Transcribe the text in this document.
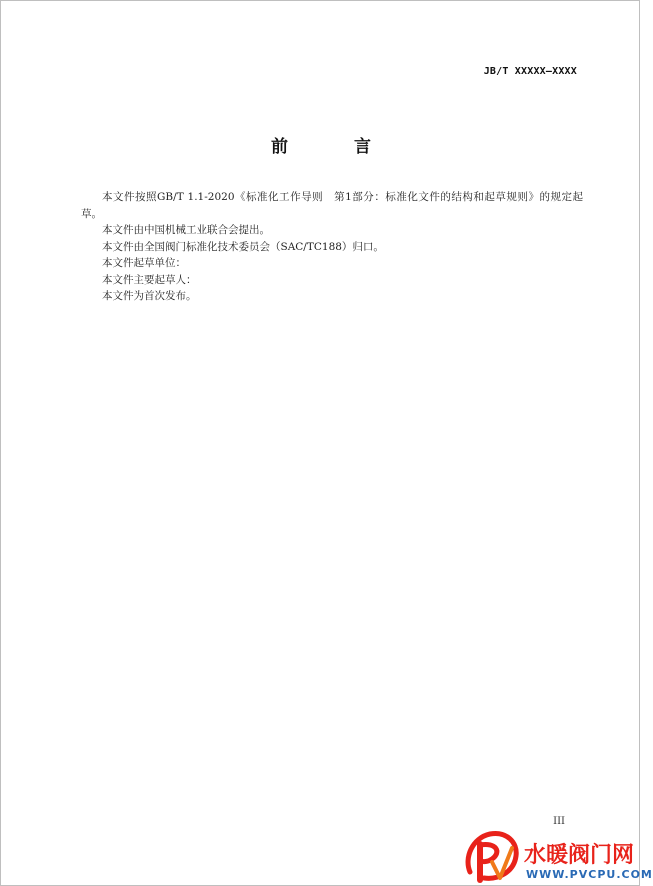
JB/T XXXXX—XXXX
前 言

本文件按照GB/T 1.1-2020《标准化工作导则　第1部分：标准化文件的结构和起草规则》的规定起草。

本文件由中国机械工业联合会提出。

本文件由全国阀门标准化技术委员会（SAC/TC188）归口。

本文件起草单位：

本文件主要起草人：

本文件为首次发布。

III
水暖阀门网
WWW.PVCPU.COM
